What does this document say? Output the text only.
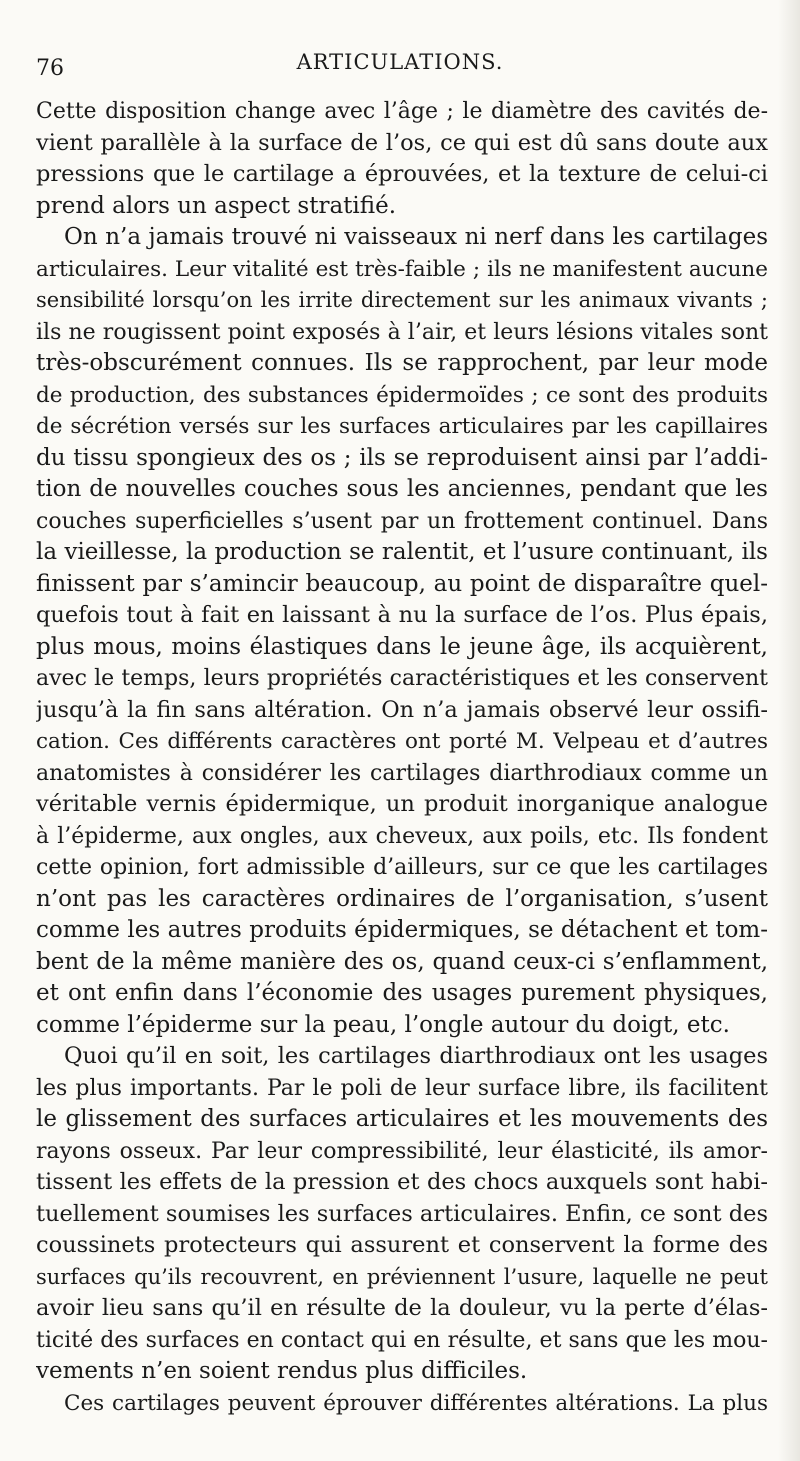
76	ARTICULATIONS.
Cette disposition change avec l’âge ; le diamètre des cavités de-
vient parallèle à la surface de l’os, ce qui est dû sans doute aux
pressions que le cartilage a éprouvées, et la texture de celui-ci
prend alors un aspect stratifié.
On n’a jamais trouvé ni vaisseaux ni nerf dans les cartilages
articulaires. Leur vitalité est très-faible ; ils ne manifestent aucune
sensibilité lorsqu’on les irrite directement sur les animaux vivants ;
ils ne rougissent point exposés à l’air, et leurs lésions vitales sont
très-obscurément connues. Ils se rapprochent, par leur mode
de production, des substances épidermoïdes ; ce sont des produits
de sécrétion versés sur les surfaces articulaires par les capillaires
du tissu spongieux des os ; ils se reproduisent ainsi par l’addi-
tion de nouvelles couches sous les anciennes, pendant que les
couches superficielles s’usent par un frottement continuel. Dans
la vieillesse, la production se ralentit, et l’usure continuant, ils
finissent par s’amincir beaucoup, au point de disparaître quel-
quefois tout à fait en laissant à nu la surface de l’os. Plus épais,
plus mous, moins élastiques dans le jeune âge, ils acquièrent,
avec le temps, leurs propriétés caractéristiques et les conservent
jusqu’à la fin sans altération. On n’a jamais observé leur ossifi-
cation. Ces différents caractères ont porté M. Velpeau et d’autres
anatomistes à considérer les cartilages diarthrodiaux comme un
véritable vernis épidermique, un produit inorganique analogue
à l’épiderme, aux ongles, aux cheveux, aux poils, etc. Ils fondent
cette opinion, fort admissible d’ailleurs, sur ce que les cartilages
n’ont pas les caractères ordinaires de l’organisation, s’usent
comme les autres produits épidermiques, se détachent et tom-
bent de la même manière des os, quand ceux-ci s’enflamment,
et ont enfin dans l’économie des usages purement physiques,
comme l’épiderme sur la peau, l’ongle autour du doigt, etc.
Quoi qu’il en soit, les cartilages diarthrodiaux ont les usages
les plus importants. Par le poli de leur surface libre, ils facilitent
le glissement des surfaces articulaires et les mouvements des
rayons osseux. Par leur compressibilité, leur élasticité, ils amor-
tissent les effets de la pression et des chocs auxquels sont habi-
tuellement soumises les surfaces articulaires. Enfin, ce sont des
coussinets protecteurs qui assurent et conservent la forme des
surfaces qu’ils recouvrent, en préviennent l’usure, laquelle ne peut
avoir lieu sans qu’il en résulte de la douleur, vu la perte d’élas-
ticité des surfaces en contact qui en résulte, et sans que les mou-
vements n’en soient rendus plus difficiles.
Ces cartilages peuvent éprouver différentes altérations. La plus
